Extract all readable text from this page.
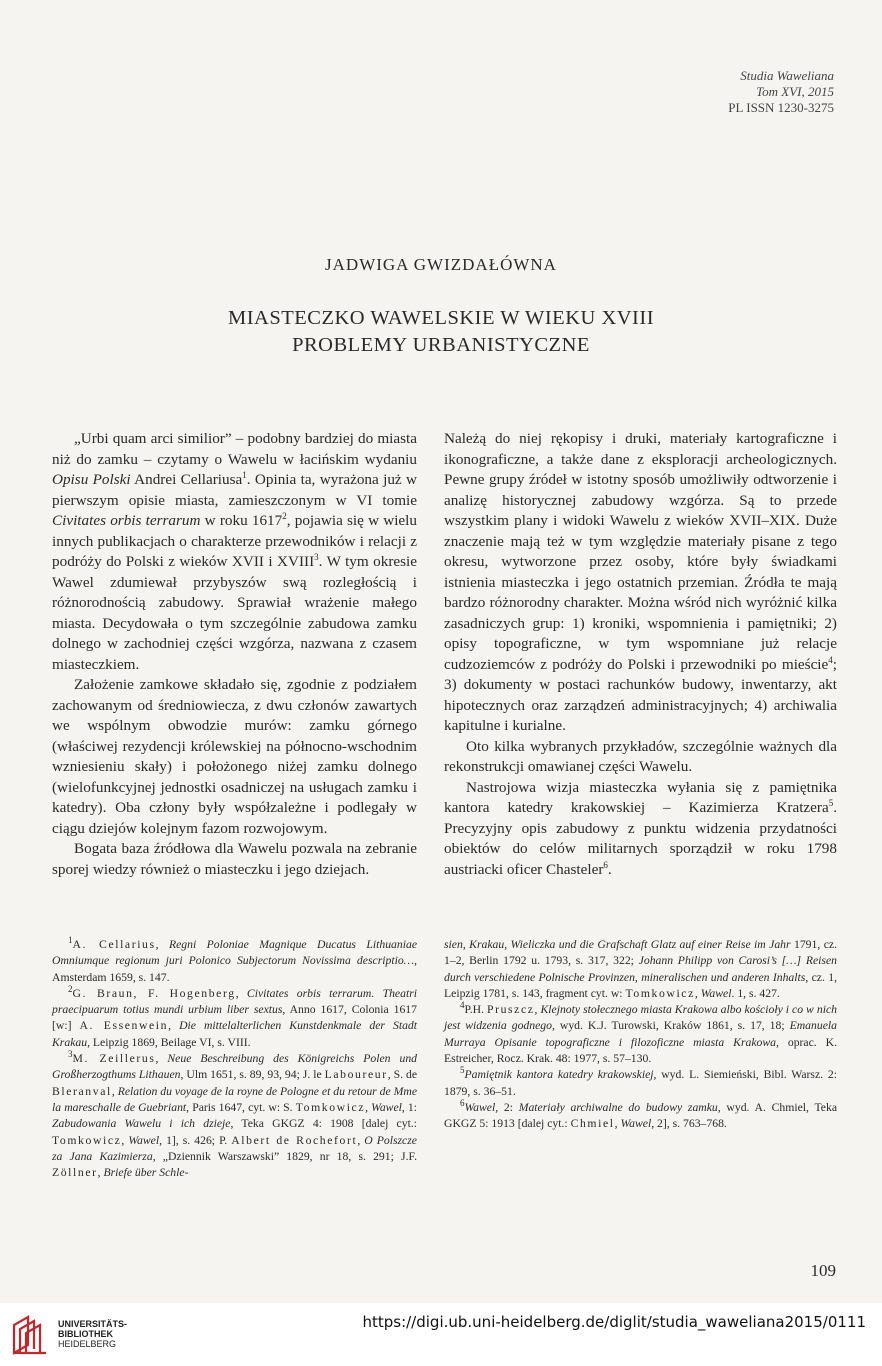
Studia Waweliana
Tom XVI, 2015
PL ISSN 1230-3275
JADWIGA GWIZDAŁÓWNA
MIASTECZKO WAWELSKIE W WIEKU XVIII
PROBLEMY URBANISTYCZNE

„Urbi quam arci similior” – podobny bardziej do miasta niż do zamku – czytamy o Wawelu w łacińskim wydaniu Opisu Polski Andrei Cellariusa$^1$. Opinia ta, wyrażona już w pierwszym opisie miasta, zamieszczonym w VI tomie Civitates orbis terrarum w roku 1617$^2$, pojawia się w wielu innych publikacjach o charakterze przewodników i relacji z podróży do Polski z wieków XVII i XVIII$^3$. W tym okresie Wawel zdumiewał przybyszów swą rozległością i różnorodnością zabudowy. Sprawiał wrażenie małego miasta. Decydowała o tym szczególnie zabudowa zamku dolnego w zachodniej części wzgórza, nazwana z czasem miasteczkiem.

Założenie zamkowe składało się, zgodnie z podziałem zachowanym od średniowiecza, z dwu członów zawartych we wspólnym obwodzie murów: zamku górnego (właściwej rezydencji królewskiej na północno-wschodnim wzniesieniu skały) i położonego niżej zamku dolnego (wielofunkcyjnej jednostki osadniczej na usługach zamku i katedry). Oba człony były współzależne i podlegały w ciągu dziejów kolejnym fazom rozwojowym.

Bogata baza źródłowa dla Wawelu pozwala na zebranie sporej wiedzy również o miasteczku i jego dziejach.

Należą do niej rękopisy i druki, materiały kartograficzne i ikonograficzne, a także dane z eksploracji archeologicznych. Pewne grupy źródeł w istotny sposób umożliwiły odtworzenie i analizę historycznej zabudowy wzgórza. Są to przede wszystkim plany i widoki Wawelu z wieków XVII–XIX. Duże znaczenie mają też w tym względzie materiały pisane z tego okresu, wytworzone przez osoby, które były świadkami istnienia miasteczka i jego ostatnich przemian. Źródła te mają bardzo różnorodny charakter. Można wśród nich wyróżnić kilka zasadniczych grup: 1) kroniki, wspomnienia i pamiętniki; 2) opisy topograficzne, w tym wspomniane już relacje cudzoziemców z podróży do Polski i przewodniki po mieście$^4$; 3) dokumenty w postaci rachunków budowy, inwentarzy, akt hipotecznych oraz zarządzeń administracyjnych; 4) archiwalia kapitulne i kurialne.

Oto kilka wybranych przykładów, szczególnie ważnych dla rekonstrukcji omawianej części Wawelu.

Nastrojowa wizja miasteczka wyłania się z pamiętnika kantora katedry krakowskiej – Kazimierza Kratzera$^5$. Precyzyjny opis zabudowy z punktu widzenia przydatności obiektów do celów militarnych sporządził w roku 1798 austriacki oficer Chasteler$^6$.

$^1$A. Cellarius, Regni Poloniae Magnique Ducatus Lithuaniae Omniumque regionum juri Polonico Subjectorum Novissima descriptio…, Amsterdam 1659, s. 147.

$^2$G. Braun, F. Hogenberg, Civitates orbis terrarum. Theatri praecipuarum totius mundi urbium liber sextus, Anno 1617, Colonia 1617 [w:] A. Essenwein, Die mittelalterlichen Kunstdenkmale der Stadt Krakau, Leipzig 1869, Beilage VI, s. VIII.

$^3$M. Zeillerus, Neue Beschreibung des Königreichs Polen und Großherzogthums Lithauen, Ulm 1651, s. 89, 93, 94; J. le Laboureur, S. de Bleranval, Relation du voyage de la royne de Pologne et du retour de Mme la mareschalle de Guebriant, Paris 1647, cyt. w: S. Tomkowicz, Wawel, 1: Zabudowania Wawelu i ich dzieje, Teka GKGZ 4: 1908 [dalej cyt.: Tomkowicz, Wawel, 1], s. 426; P. Albert de Rochefort, O Polszcze za Jana Kazimierza, „Dziennik Warszawski” 1829, nr 18, s. 291; J.F. Zöllner, Briefe über Schle-

sien, Krakau, Wieliczka und die Grafschaft Glatz auf einer Reise im Jahr 1791, cz. 1–2, Berlin 1792 u. 1793, s. 317, 322; Johann Philipp von Carosi’s […] Reisen durch verschiedene Polnische Provinzen, mineralischen und anderen Inhalts, cz. 1, Leipzig 1781, s. 143, fragment cyt. w: Tomkowicz, Wawel. 1, s. 427.

$^4$P.H. Pruszcz, Klejnoty stołecznego miasta Krakowa albo kościoły i co w nich jest widzenia godnego, wyd. K.J. Turowski, Kraków 1861, s. 17, 18; Emanuela Murraya Opisanie topograficzne i filozoficzne miasta Krakowa, oprac. K. Estreicher, Rocz. Krak. 48: 1977, s. 57–130.

$^5$Pamiętnik kantora katedry krakowskiej, wyd. L. Siemieński, Bibl. Warsz. 2: 1879, s. 36–51.

$^6$Wawel, 2: Materiały archiwalne do budowy zamku, wyd. A. Chmiel, Teka GKGZ 5: 1913 [dalej cyt.: Chmiel, Wawel, 2], s. 763–768.

109
UNIVERSITÄTS-
BIBLIOTHEK
HEIDELBERG
https://digi.ub.uni-heidelberg.de/diglit/studia_waweliana2015/0111
